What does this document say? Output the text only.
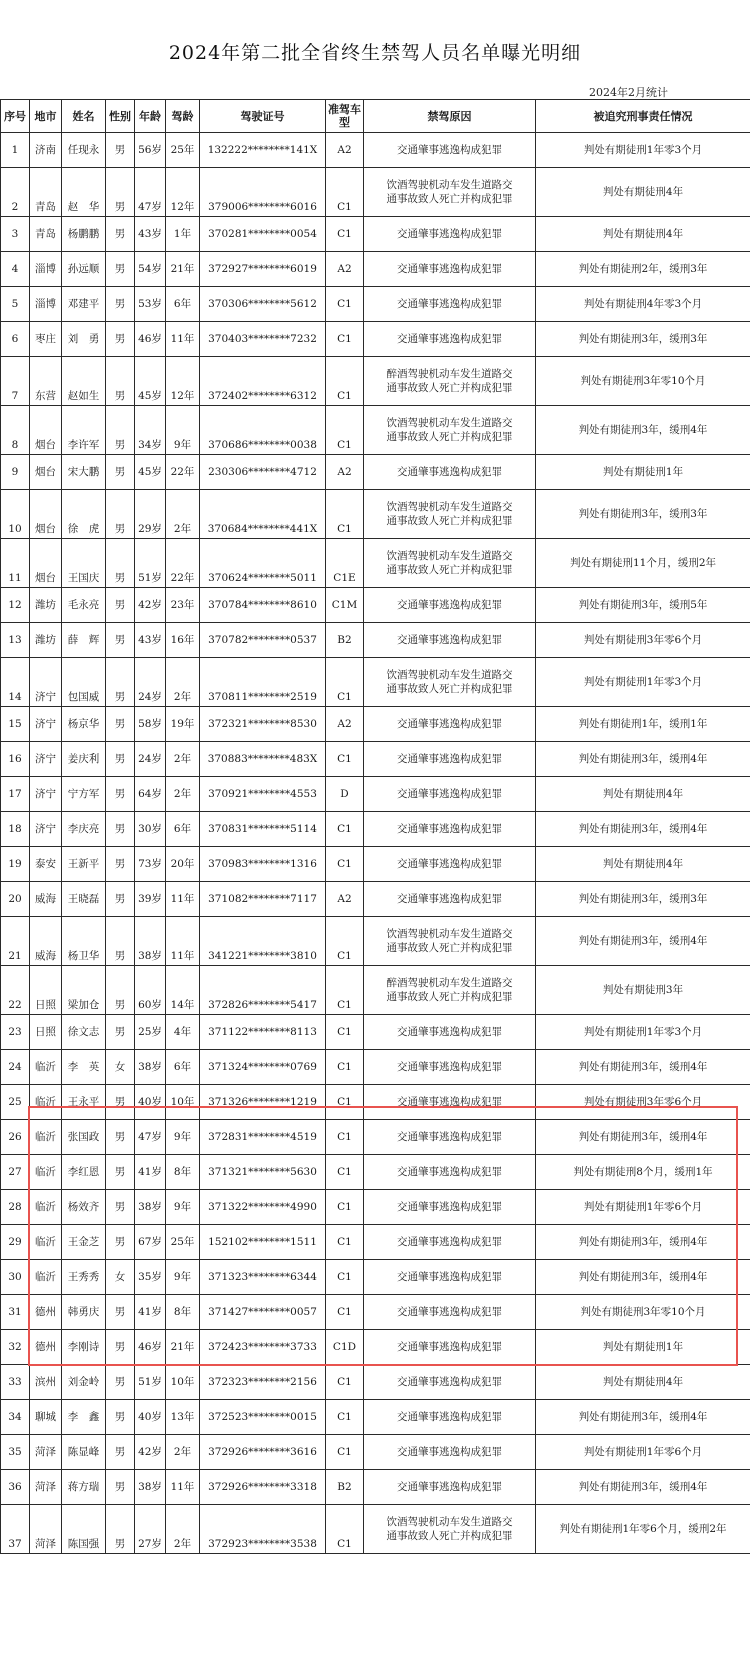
2024年第二批全省终生禁驾人员名单曝光明细
2024年2月统计
序号	地市	姓名	性别	年龄	驾龄	驾驶证号	准驾车型	禁驾原因	被追究刑事责任情况
1	济南	任现永	男	56岁	25年	132222********141X	A2	交通肇事逃逸构成犯罪	判处有期徒刑1年零3个月
2	青岛	赵　华	男	47岁	12年	379006********6016	C1	饮酒驾驶机动车发生道路交通事故致人死亡并构成犯罪	判处有期徒刑4年
3	青岛	杨鹏鹏	男	43岁	1年	370281********0054	C1	交通肇事逃逸构成犯罪	判处有期徒刑4年
4	淄博	孙远顺	男	54岁	21年	372927********6019	A2	交通肇事逃逸构成犯罪	判处有期徒刑2年，缓刑3年
5	淄博	邓建平	男	53岁	6年	370306********5612	C1	交通肇事逃逸构成犯罪	判处有期徒刑4年零3个月
6	枣庄	刘　勇	男	46岁	11年	370403********7232	C1	交通肇事逃逸构成犯罪	判处有期徒刑3年，缓刑3年
7	东营	赵如生	男	45岁	12年	372402********6312	C1	醉酒驾驶机动车发生道路交通事故致人死亡并构成犯罪	判处有期徒刑3年零10个月
8	烟台	李许军	男	34岁	9年	370686********0038	C1	饮酒驾驶机动车发生道路交通事故致人死亡并构成犯罪	判处有期徒刑3年，缓刑4年
9	烟台	宋大鹏	男	45岁	22年	230306********4712	A2	交通肇事逃逸构成犯罪	判处有期徒刑1年
10	烟台	徐　虎	男	29岁	2年	370684********441X	C1	饮酒驾驶机动车发生道路交通事故致人死亡并构成犯罪	判处有期徒刑3年，缓刑3年
11	烟台	王国庆	男	51岁	22年	370624********5011	C1E	饮酒驾驶机动车发生道路交通事故致人死亡并构成犯罪	判处有期徒刑11个月，缓刑2年
12	潍坊	毛永亮	男	42岁	23年	370784********8610	C1M	交通肇事逃逸构成犯罪	判处有期徒刑3年，缓刑5年
13	潍坊	薛　辉	男	43岁	16年	370782********0537	B2	交通肇事逃逸构成犯罪	判处有期徒刑3年零6个月
14	济宁	包国威	男	24岁	2年	370811********2519	C1	饮酒驾驶机动车发生道路交通事故致人死亡并构成犯罪	判处有期徒刑1年零3个月
15	济宁	杨京华	男	58岁	19年	372321********8530	A2	交通肇事逃逸构成犯罪	判处有期徒刑1年，缓刑1年
16	济宁	姜庆利	男	24岁	2年	370883********483X	C1	交通肇事逃逸构成犯罪	判处有期徒刑3年，缓刑4年
17	济宁	宁方军	男	64岁	2年	370921********4553	D	交通肇事逃逸构成犯罪	判处有期徒刑4年
18	济宁	李庆亮	男	30岁	6年	370831********5114	C1	交通肇事逃逸构成犯罪	判处有期徒刑3年，缓刑4年
19	泰安	王新平	男	73岁	20年	370983********1316	C1	交通肇事逃逸构成犯罪	判处有期徒刑4年
20	威海	王晓磊	男	39岁	11年	371082********7117	A2	交通肇事逃逸构成犯罪	判处有期徒刑3年，缓刑3年
21	威海	杨卫华	男	38岁	11年	341221********3810	C1	饮酒驾驶机动车发生道路交通事故致人死亡并构成犯罪	判处有期徒刑3年，缓刑4年
22	日照	梁加仓	男	60岁	14年	372826********5417	C1	醉酒驾驶机动车发生道路交通事故致人死亡并构成犯罪	判处有期徒刑3年
23	日照	徐文志	男	25岁	4年	371122********8113	C1	交通肇事逃逸构成犯罪	判处有期徒刑1年零3个月
24	临沂	李　英	女	38岁	6年	371324********0769	C1	交通肇事逃逸构成犯罪	判处有期徒刑3年，缓刑4年
25	临沂	王永平	男	40岁	10年	371326********1219	C1	交通肇事逃逸构成犯罪	判处有期徒刑3年零6个月
26	临沂	张国政	男	47岁	9年	372831********4519	C1	交通肇事逃逸构成犯罪	判处有期徒刑3年，缓刑4年
27	临沂	李红恩	男	41岁	8年	371321********5630	C1	交通肇事逃逸构成犯罪	判处有期徒刑8个月，缓刑1年
28	临沂	杨效齐	男	38岁	9年	371322********4990	C1	交通肇事逃逸构成犯罪	判处有期徒刑1年零6个月
29	临沂	王金芝	男	67岁	25年	152102********1511	C1	交通肇事逃逸构成犯罪	判处有期徒刑3年，缓刑4年
30	临沂	王秀秀	女	35岁	9年	371323********6344	C1	交通肇事逃逸构成犯罪	判处有期徒刑3年，缓刑4年
31	德州	韩勇庆	男	41岁	8年	371427********0057	C1	交通肇事逃逸构成犯罪	判处有期徒刑3年零10个月
32	德州	李刚诗	男	46岁	21年	372423********3733	C1D	交通肇事逃逸构成犯罪	判处有期徒刑1年
33	滨州	刘金岭	男	51岁	10年	372323********2156	C1	交通肇事逃逸构成犯罪	判处有期徒刑4年
34	聊城	李　鑫	男	40岁	13年	372523********0015	C1	交通肇事逃逸构成犯罪	判处有期徒刑3年，缓刑4年
35	菏泽	陈显峰	男	42岁	2年	372926********3616	C1	交通肇事逃逸构成犯罪	判处有期徒刑1年零6个月
36	菏泽	蒋方瑞	男	38岁	11年	372926********3318	B2	交通肇事逃逸构成犯罪	判处有期徒刑3年，缓刑4年
37	菏泽	陈国强	男	27岁	2年	372923********3538	C1	饮酒驾驶机动车发生道路交通事故致人死亡并构成犯罪	判处有期徒刑1年零6个月，缓刑2年
